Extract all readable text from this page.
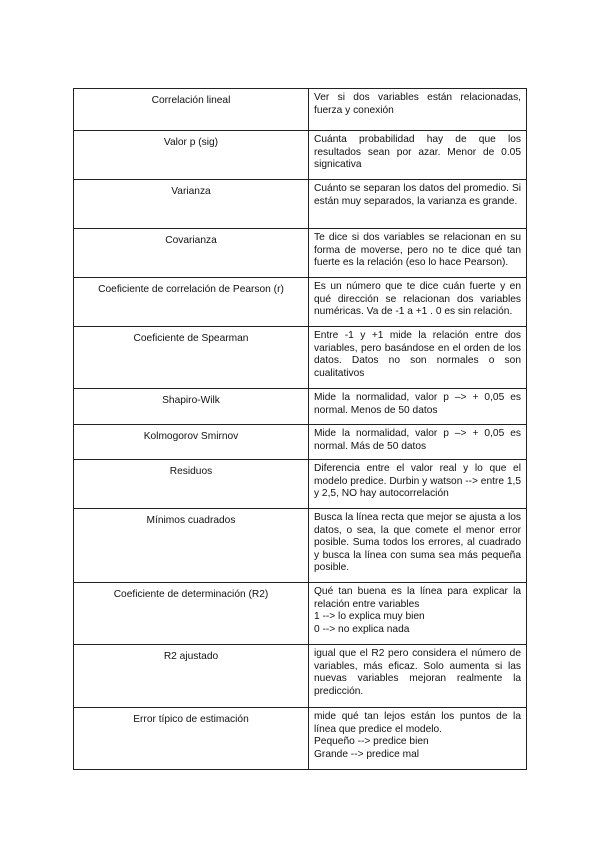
Correlación lineal	Ver si dos variables están relacionadas, fuerza y conexión

Valor p (sig)	Cuánta probabilidad hay de que los resultados sean por azar. Menor de 0.05 signicativa

Varianza	Cuánto se separan los datos del promedio. Si están muy separados, la varianza es grande.

Covarianza	Te dice si dos variables se relacionan en su forma de moverse, pero no te dice qué tan fuerte es la relación (eso lo hace Pearson).

Coeficiente de correlación de Pearson (r)	Es un número que te dice cuán fuerte y en qué dirección se relacionan dos variables numéricas. Va de -1 a +1 . 0 es sin relación.

Coeficiente de Spearman	Entre -1 y +1 mide la relación entre dos variables, pero basándose en el orden de los datos. Datos no son normales o son cualitativos

Shapiro-Wilk	Mide la normalidad, valor p –> + 0,05 es normal. Menos de 50 datos

Kolmogorov Smirnov	Mide la normalidad, valor p –> + 0,05 es normal. Más de 50 datos

Residuos	Diferencia entre el valor real y lo que el modelo predice. Durbin y watson --> entre 1,5 y 2,5, NO hay autocorrelación

Mínimos cuadrados	Busca la línea recta que mejor se ajusta a los datos, o sea, la que comete el menor error posible. Suma todos los errores, al cuadrado y busca la línea con suma sea más pequeña posible.

Coeficiente de determinación (R2)	Qué tan buena es la línea para explicar la relación entre variables
1 --> lo explica muy bien
0 --> no explica nada

R2 ajustado	igual que el R2 pero considera el número de variables, más eficaz. Solo aumenta si las nuevas variables mejoran realmente la predicción.

Error típico de estimación	mide qué tan lejos están los puntos de la línea que predice el modelo.
Pequeño --> predice bien
Grande --> predice mal
